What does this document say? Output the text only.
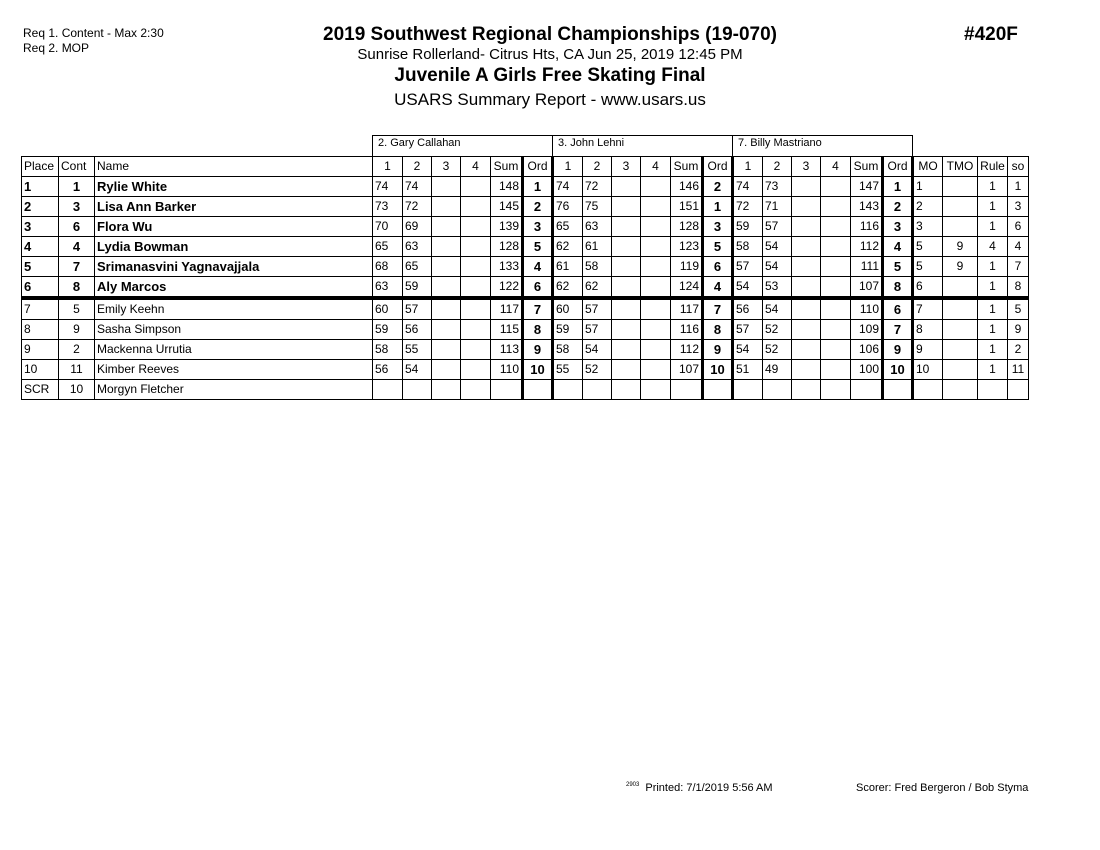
Req 1. Content - Max 2:30
Req 2. MOP
2019 Southwest Regional Championships (19-070)
Sunrise Rollerland- Citrus Hts, CA Jun 25, 2019 12:45 PM
Juvenile A Girls Free Skating Final
USARS Summary Report - www.usars.us
#420F
			2. Gary Callahan						3. John Lehni						7. Billy Mastriano									
Place	Cont	Name	1	2	3	4	Sum	Ord	1	2	3	4	Sum	Ord	1	2	3	4	Sum	Ord	MO	TMO	Rule	so
1	1	Rylie White	74	74			148	1	74	72			146	2	74	73			147	1	1		1	1
2	3	Lisa Ann Barker	73	72			145	2	76	75			151	1	72	71			143	2	2		1	3
3	6	Flora Wu	70	69			139	3	65	63			128	3	59	57			116	3	3		1	6
4	4	Lydia Bowman	65	63			128	5	62	61			123	5	58	54			112	4	5	9	4	4
5	7	Srimanasvini Yagnavajjala	68	65			133	4	61	58			119	6	57	54			111	5	5	9	1	7
6	8	Aly Marcos	63	59			122	6	62	62			124	4	54	53			107	8	6		1	8
7	5	Emily Keehn	60	57			117	7	60	57			117	7	56	54			110	6	7		1	5
8	9	Sasha Simpson	59	56			115	8	59	57			116	8	57	52			109	7	8		1	9
9	2	Mackenna Urrutia	58	55			113	9	58	54			112	9	54	52			106	9	9		1	2
10	11	Kimber Reeves	56	54			110	10	55	52			107	10	51	49			100	10	10		1	11
SCR	10	Morgyn Fletcher																						
$^{2903}$ Printed: 7/1/2019 5:56 AM	Scorer: Fred Bergeron / Bob Styma
